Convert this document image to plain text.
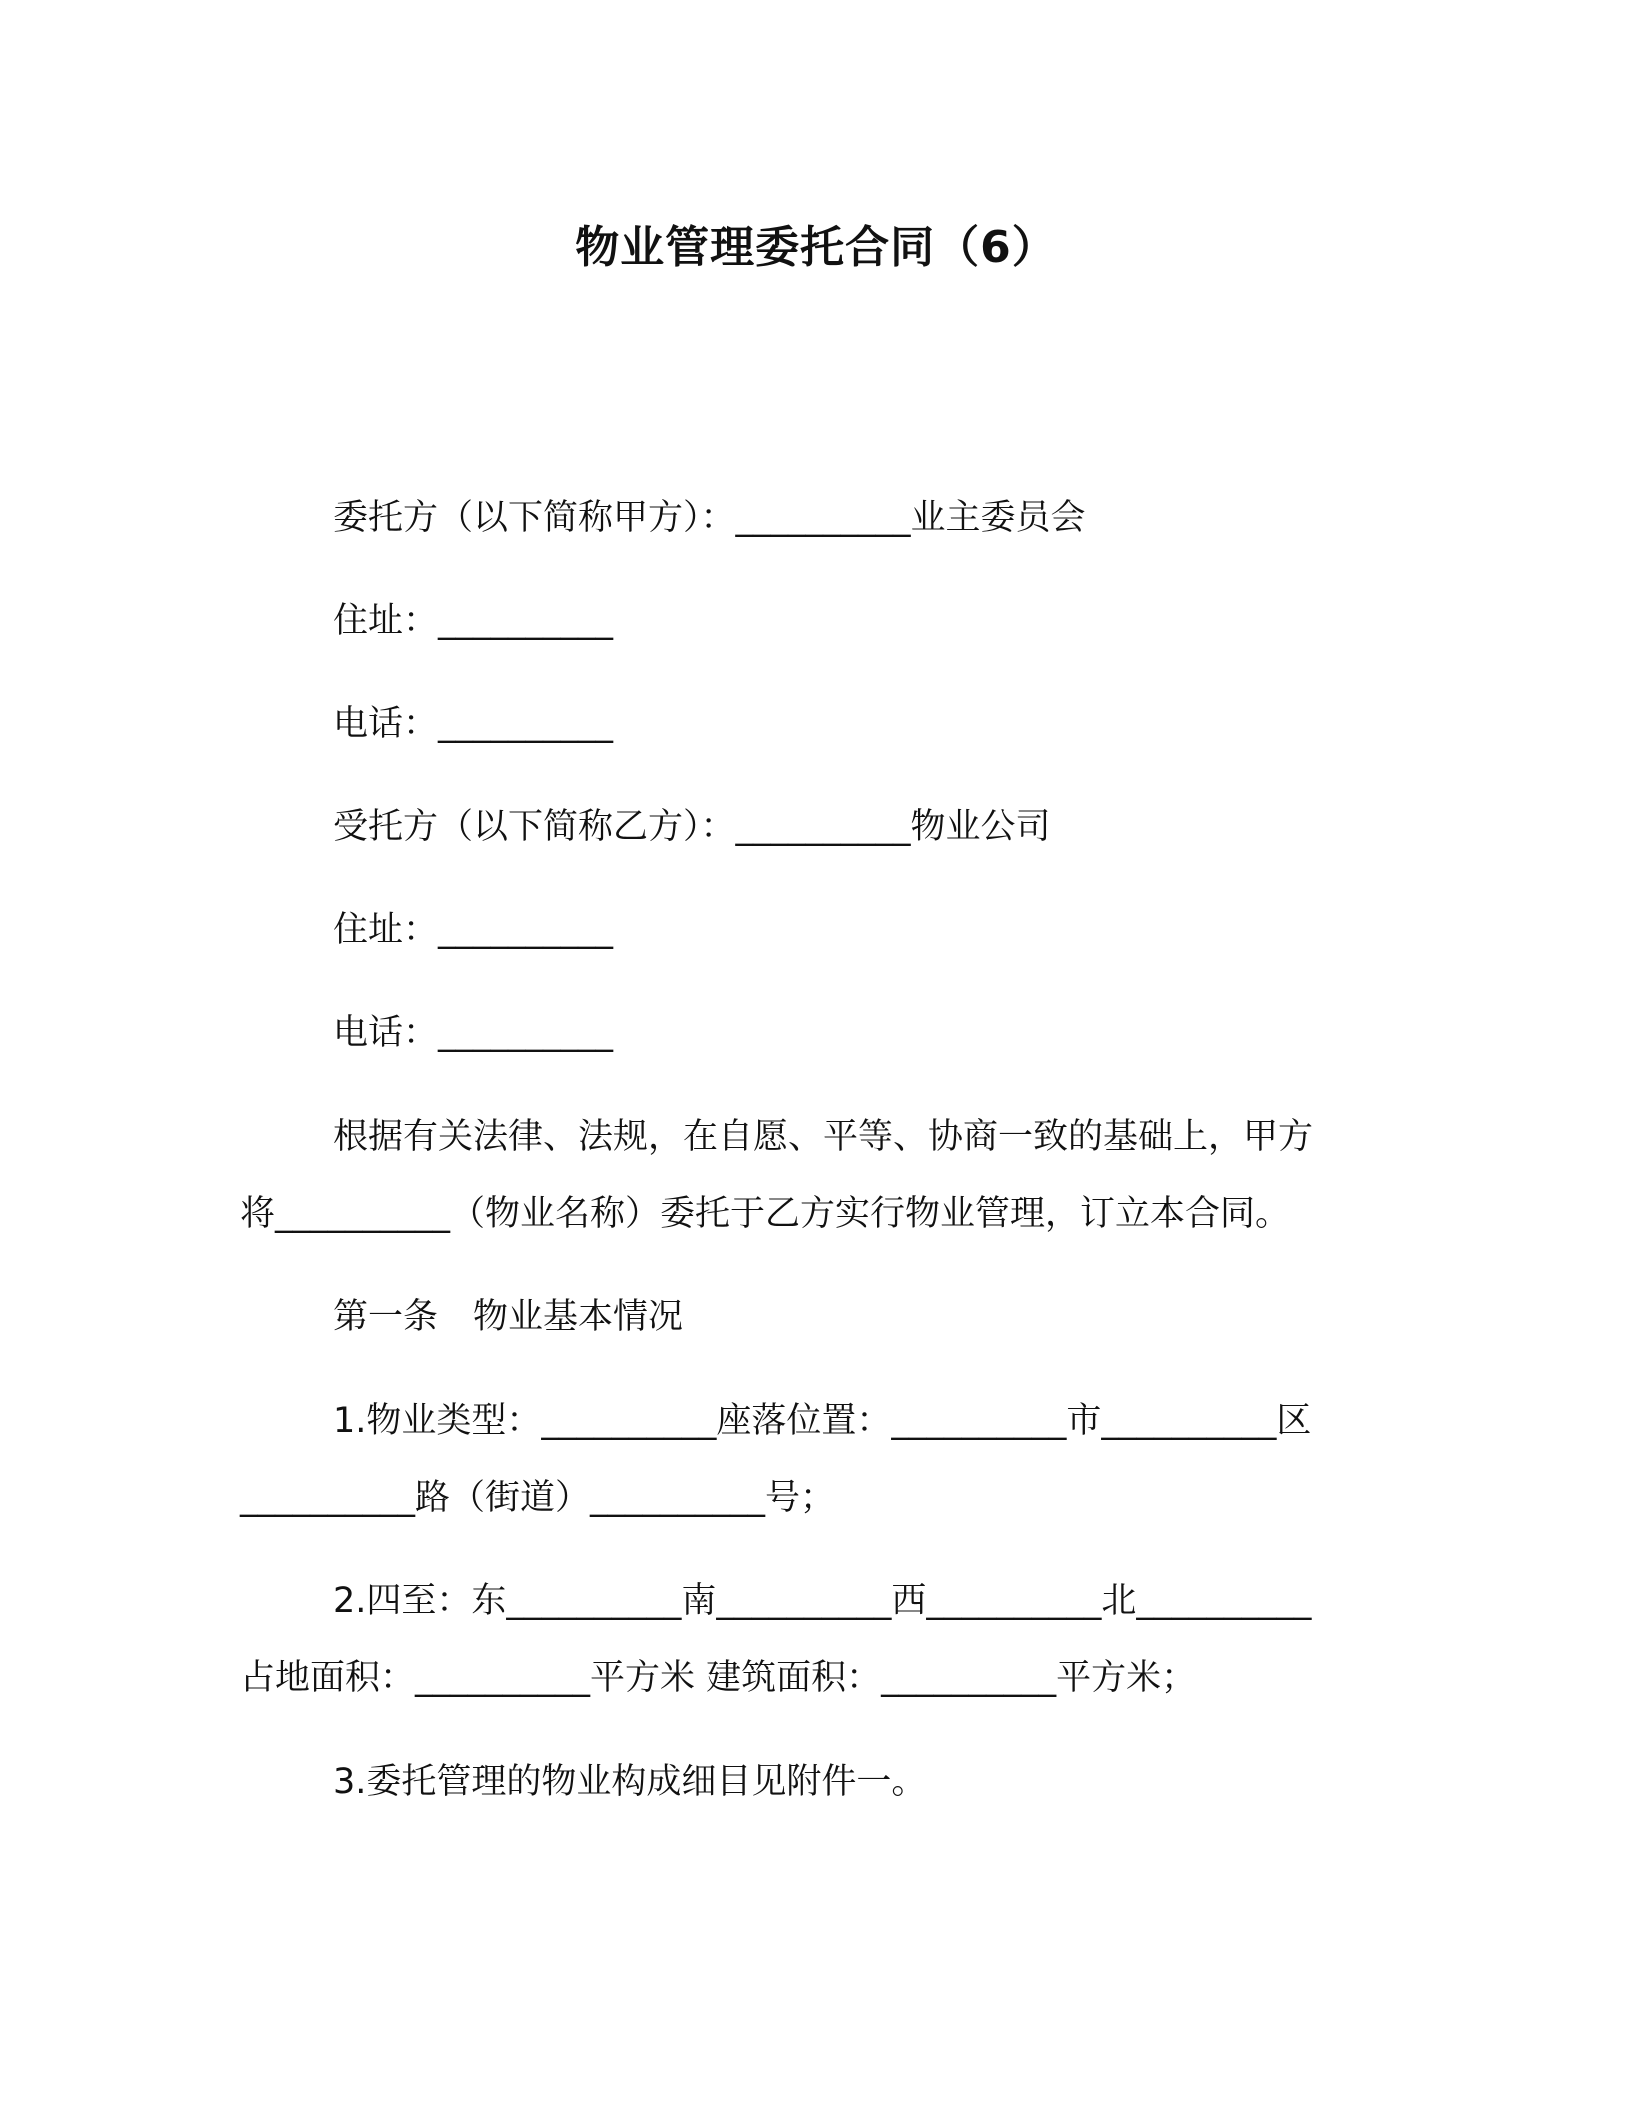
物业管理委托合同（6）
委托方（以下简称甲方）：__________业主委员会
住址：__________
电话：__________
受托方（以下简称乙方）：__________物业公司
住址：__________
电话：__________
根据有关法律、法规，在自愿、平等、协商一致的基础上，甲方
将__________（物业名称）委托于乙方实行物业管理，订立本合同。
第一条　物业基本情况
1.物业类型：__________座落位置：__________市__________区
__________路（街道）__________号；
2.四至：东__________南__________西__________北__________
占地面积：__________平方米 建筑面积：__________平方米；
3.委托管理的物业构成细目见附件一。
